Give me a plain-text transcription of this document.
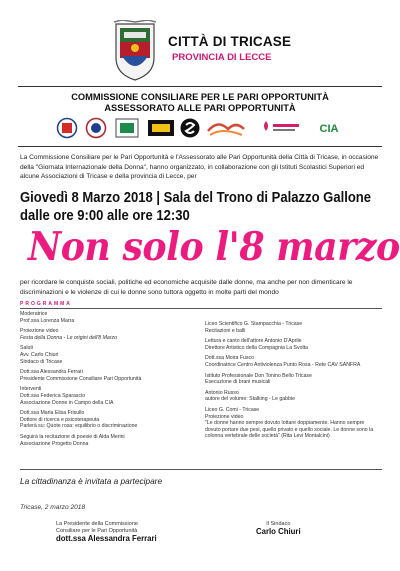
CITTÀ DI TRICASE
PROVINCIA DI LECCE
COMMISSIONE CONSILIARE PER LE PARI OPPORTUNITÀ
ASSESSORATO ALLE PARI OPPORTUNITÀ
CIA
La Commissione Consiliare per le Pari Opportunità e l'Assessorato alle Pari Opportunità della Città di Tricase, in occasione della "Giornata Internazionale della Donna", hanno organizzato, in collaborazione con gli Istituti Scolastici Superiori ed alcune Associazioni di Tricase e della provincia di Lecce, per
Giovedì 8 Marzo 2018 | Sala del Trono di Palazzo Gallone
dalle ore 9:00 alle ore 12:30
Non solo l'8 marzo
per ricordare le conquiste sociali, politiche ed economiche acquisite dalle donne, ma anche per non dimenticare le discriminazioni e le violenze di cui le donne sono tuttora oggetto in molte parti del mondo
PROGRAMMA
Moderatrice
Prof.ssa Lorenza Marra

Proiezione video
Festa della Donna - Le origini dell'8 Marzo

Saluti
Avv. Carlo Chiuri
Sindaco di Tricase

Dott.ssa Alessandra Ferrari
Presidente Commissione Consiliare Pari Opportunità

Interventi
Dott.ssa Federica Sparascio
Associazione Donne in Campo della CIA

Dott.ssa Maria Elisa Frisullo
Dottore di ricerca e psicoterapeuta
Parlerà su: Quote rosa: equilibrio o discriminazione

Seguirà la recitazione di poesie di Alda Merini
Associazione Progetto Donna
Liceo Scientifico G. Stampacchia - Tricase
Recitazioni e balli

Lettura e canto dell'attore Antonio D'Aprile
Direttore Artistico della Compagnia La Svolta

Dott.ssa Moira Fusco
Coordinatrice Centro Antiviolenza Punto Rosa - Rete CAV SANFRA

Istituto Professionale Don Tonino Bello Tricase
Esecuzione di brani musicali

Antonio Russo
autore del volume: Stalking - Le gabbie

Liceo G. Comi - Tricase
Proiezione video
"Le donne hanno sempre dovuto lottare doppiamente. Hanno sempre dovuto portare due pesi, quello privato e quello sociale. Le donne sono la colonna vertebrale delle società" (Rita Levi Montalcini)
La cittadinanza è invitata a partecipare
Tricase, 2 marzo 2018
La Presidente della Commissione
Consiliare per le Pari Opportunità
dott.ssa Alessandra Ferrari
Il Sindaco
Carlo Chiuri
